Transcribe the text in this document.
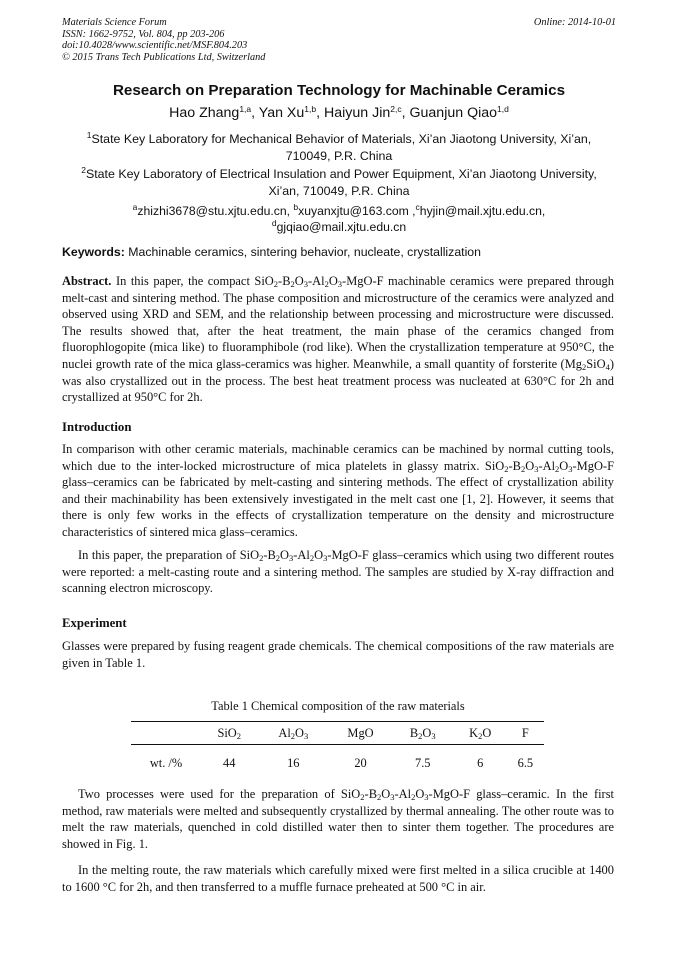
Materials Science Forum
ISSN: 1662-9752, Vol. 804, pp 203-206
doi:10.4028/www.scientific.net/MSF.804.203
© 2015 Trans Tech Publications Ltd, Switzerland
Online: 2014-10-01
Research on Preparation Technology for Machinable Ceramics
Hao Zhang$^{1,a}$, Yan Xu$^{1,b}$, Haiyun Jin$^{2,c}$, Guanjun Qiao$^{1,d}$
$^1$State Key Laboratory for Mechanical Behavior of Materials, Xi’an Jiaotong University, Xi’an, 710049, P.R. China
$^2$State Key Laboratory of Electrical Insulation and Power Equipment, Xi’an Jiaotong University, Xi’an, 710049, P.R. China
$^a$zhizhi3678@stu.xjtu.edu.cn, $^b$xuyanxjtu@163.com ,$^c$hyjin@mail.xjtu.edu.cn,
$^d$gjqiao@mail.xjtu.edu.cn
Keywords: Machinable ceramics, sintering behavior, nucleate, crystallization
Abstract. In this paper, the compact $SiO_2-B_2O_3-Al_2O_3-MgO-F$ machinable ceramics were prepared through melt-cast and sintering method. The phase composition and microstructure of the ceramics were analyzed and observed using XRD and SEM, and the relationship between processing and microstructure were discussed. The results showed that, after the heat treatment, the main phase of the ceramics changed from fluorophlogopite (mica like) to fluoramphibole (rod like). When the crystallization temperature at 950°C, the nuclei growth rate of the mica glass-ceramics was higher. Meanwhile, a small quantity of forsterite $(Mg_2SiO_4)$ was also crystallized out in the process. The best heat treatment process was nucleated at 630°C for 2h and crystallized at 950°C for 2h.
Introduction
In comparison with other ceramic materials, machinable ceramics can be machined by normal cutting tools, which due to the inter-locked microstructure of mica platelets in glassy matrix. $SiO_2-B_2O_3-Al_2O_3-MgO-F$ glass–ceramics can be fabricated by melt-casting and sintering methods. The effect of crystallization ability and their machinability has been extensively investigated in the melt cast one [1, 2]. However, it seems that there is only few works in the effects of crystallization temperature on the density and microstructure characteristics of sintered mica glass–ceramics.
In this paper, the preparation of $SiO_2-B_2O_3-Al_2O_3-MgO-F$ glass–ceramics which using two different routes were reported: a melt-casting route and a sintering method. The samples are studied by X-ray diffraction and scanning electron microscopy.
Experiment
Glasses were prepared by fusing reagent grade chemicals. The chemical compositions of the raw materials are given in Table 1.
Table 1 Chemical composition of the raw materials
	SiO$_2$	$Al_2O_3$	MgO	$B_2O_3$	$K_2O$	F

wt. /%	44	16	20	7.5	6	6.5
Two processes were used for the preparation of $SiO_2-B_2O_3-Al_2O_3-MgO-F$ glass–ceramic. In the first method, raw materials were melted and subsequently crystallized by thermal annealing. The other route was to melt the raw materials, quenched in cold distilled water then to sinter them together. The procedures are showed in Fig. 1.
In the melting route, the raw materials which carefully mixed were first melted in a silica crucible at 1400 to 1600 °C for 2h, and then transferred to a muffle furnace preheated at 500 °C in air.
